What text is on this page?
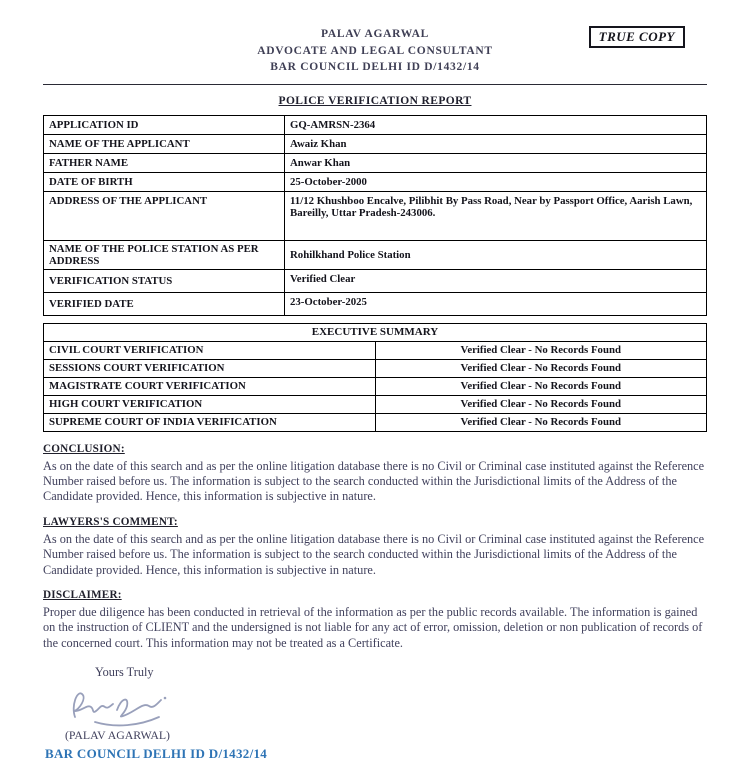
TRUE COPY
PALAV AGARWAL
ADVOCATE AND LEGAL CONSULTANT
BAR COUNCIL DELHI ID D/1432/14
POLICE VERIFICATION REPORT
APPLICATION ID	GQ-AMRSN-2364
NAME OF THE APPLICANT	Awaiz Khan
FATHER NAME	Anwar Khan
DATE OF BIRTH	25-October-2000
ADDRESS OF THE APPLICANT	11/12 Khushboo Encalve, Pilibhit By Pass Road, Near by Passport Office, Aarish Lawn, Bareilly, Uttar Pradesh-243006.
NAME OF THE POLICE STATION AS PER ADDRESS	Rohilkhand Police Station
VERIFICATION STATUS	Verified Clear
VERIFIED DATE	23-October-2025
EXECUTIVE SUMMARY	
CIVIL COURT VERIFICATION	Verified Clear - No Records Found
SESSIONS COURT VERIFICATION	Verified Clear - No Records Found
MAGISTRATE COURT VERIFICATION	Verified Clear - No Records Found
HIGH COURT VERIFICATION	Verified Clear - No Records Found
SUPREME COURT OF INDIA VERIFICATION	Verified Clear - No Records Found
CONCLUSION:
As on the date of this search and as per the online litigation database there is no Civil or Criminal case instituted against the Reference Number raised before us. The information is subject to the search conducted within the Jurisdictional limits of the Address of the Candidate provided. Hence, this information is subjective in nature.
LAWYERS'S COMMENT:
As on the date of this search and as per the online litigation database there is no Civil or Criminal case instituted against the Reference Number raised before us. The information is subject to the search conducted within the Jurisdictional limits of the Address of the Candidate provided. Hence, this information is subjective in nature.
DISCLAIMER:
Proper due diligence has been conducted in retrieval of the information as per the public records available. The information is gained on the instruction of CLIENT and the undersigned is not liable for any act of error, omission, deletion or non publication of records of the concerned court. This information may not be treated as a Certificate.
Yours Truly
(PALAV AGARWAL)
BAR COUNCIL DELHI ID D/1432/14
